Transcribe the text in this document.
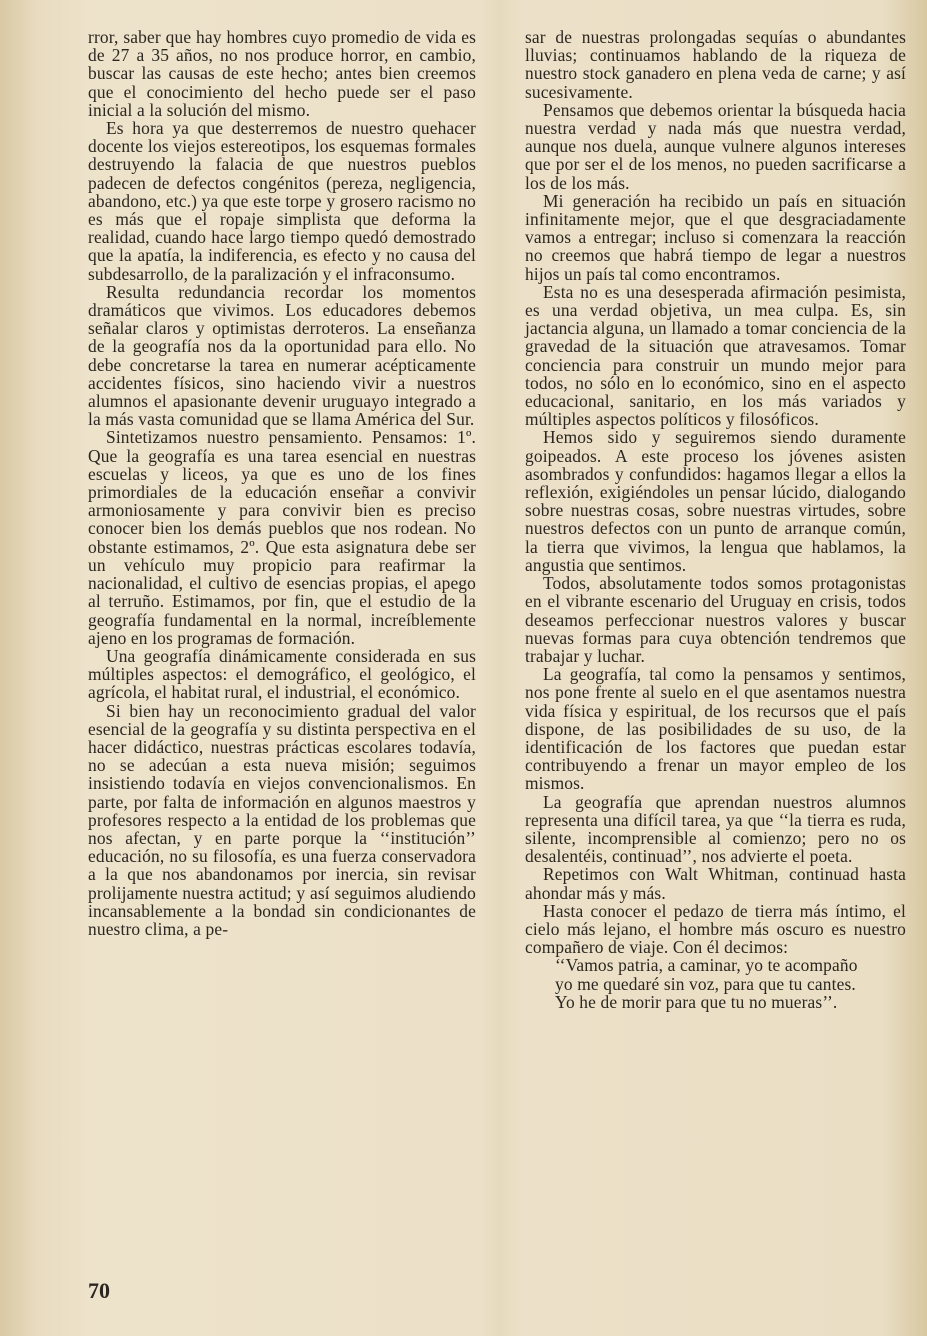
rror, saber que hay hombres cuyo promedio de vida es de 27 a 35 años, no nos produce horror, en cambio, buscar las causas de este hecho; antes bien creemos que el conocimiento del hecho puede ser el paso inicial a la solución del mismo.

Es hora ya que desterremos de nuestro quehacer docente los viejos estereotipos, los esquemas formales destruyendo la falacia de que nuestros pueblos padecen de defectos congénitos (pereza, negligencia, abandono, etc.) ya que este torpe y grosero racismo no es más que el ropaje simplista que deforma la realidad, cuando hace largo tiempo quedó demostrado que la apatía, la indiferencia, es efecto y no causa del subdesarrollo, de la paralización y el infraconsumo.

Resulta redundancia recordar los momentos dramáticos que vivimos. Los educadores debemos señalar claros y optimistas derroteros. La enseñanza de la geografía nos da la oportunidad para ello. No debe concretarse la tarea en numerar acépticamente accidentes físicos, sino haciendo vivir a nuestros alumnos el apasionante devenir uruguayo integrado a la más vasta comunidad que se llama América del Sur.

Sintetizamos nuestro pensamiento. Pensamos: 1º. Que la geografía es una tarea esencial en nuestras escuelas y liceos, ya que es uno de los fines primordiales de la educación enseñar a convivir armoniosamente y para convivir bien es preciso conocer bien los demás pueblos que nos rodean. No obstante estimamos, 2º. Que esta asignatura debe ser un vehículo muy propicio para reafirmar la nacionalidad, el cultivo de esencias propias, el apego al terruño. Estimamos, por fin, que el estudio de la geografía fundamental en la normal, increíblemente ajeno en los programas de formación.

Una geografía dinámicamente considerada en sus múltiples aspectos: el demográfico, el geológico, el agrícola, el habitat rural, el industrial, el económico.

Si bien hay un reconocimiento gradual del valor esencial de la geografía y su distinta perspectiva en el hacer didáctico, nuestras prácticas escolares todavía, no se adecúan a esta nueva misión; seguimos insistiendo todavía en viejos convencionalismos. En parte, por falta de información en algunos maestros y profesores respecto a la entidad de los problemas que nos afectan, y en parte porque la ‘‘institución’’ educación, no su filosofía, es una fuerza conservadora a la que nos abandonamos por inercia, sin revisar prolijamente nuestra actitud; y así seguimos aludiendo incansablemente a la bondad sin condicionantes de nuestro clima, a pe-

sar de nuestras prolongadas sequías o abundantes lluvias; continuamos hablando de la riqueza de nuestro stock ganadero en plena veda de carne; y así sucesivamente.

Pensamos que debemos orientar la búsqueda hacia nuestra verdad y nada más que nuestra verdad, aunque nos duela, aunque vulnere algunos intereses que por ser el de los menos, no pueden sacrificarse a los de los más.

Mi generación ha recibido un país en situación infinitamente mejor, que el que desgraciadamente vamos a entregar; incluso si comenzara la reacción no creemos que habrá tiempo de legar a nuestros hijos un país tal como encontramos.

Esta no es una desesperada afirmación pesimista, es una verdad objetiva, un mea culpa. Es, sin jactancia alguna, un llamado a tomar conciencia de la gravedad de la situación que atravesamos. Tomar conciencia para construir un mundo mejor para todos, no sólo en lo económico, sino en el aspecto educacional, sanitario, en los más variados y múltiples aspectos políticos y filosóficos.

Hemos sido y seguiremos siendo duramente goipeados. A este proceso los jóvenes asisten asombrados y confundidos: hagamos llegar a ellos la reflexión, exigiéndoles un pensar lúcido, dialogando sobre nuestras cosas, sobre nuestras virtudes, sobre nuestros defectos con un punto de arranque común, la tierra que vivimos, la lengua que hablamos, la angustia que sentimos.

Todos, absolutamente todos somos protagonistas en el vibrante escenario del Uruguay en crisis, todos deseamos perfeccionar nuestros valores y buscar nuevas formas para cuya obtención tendremos que trabajar y luchar.

La geografía, tal como la pensamos y sentimos, nos pone frente al suelo en el que asentamos nuestra vida física y espiritual, de los recursos que el país dispone, de las posibilidades de su uso, de la identificación de los factores que puedan estar contribuyendo a frenar un mayor empleo de los mismos.

La geografía que aprendan nuestros alumnos representa una difícil tarea, ya que ‘‘la tierra es ruda, silente, incomprensible al comienzo; pero no os desalentéis, continuad’’, nos advierte el poeta.

Repetimos con Walt Whitman, continuad hasta ahondar más y más.

Hasta conocer el pedazo de tierra más íntimo, el cielo más lejano, el hombre más oscuro es nuestro compañero de viaje. Con él decimos:

‘‘Vamos patria, a caminar, yo te acompaño

yo me quedaré sin voz, para que tu cantes.

Yo he de morir para que tu no mueras’’.

70
